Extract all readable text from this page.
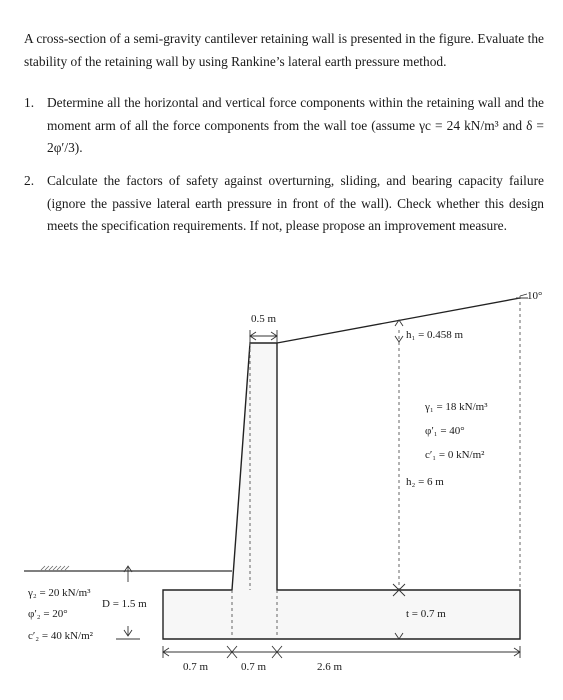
A cross-section of a semi-gravity cantilever retaining wall is presented in the figure. Evaluate the stability of the retaining wall by using Rankine’s lateral earth pressure method.

1. Determine all the horizontal and vertical force components within the retaining wall and the moment arm of all the force components from the wall toe (assume γc = 24 kN/m³ and δ = 2φ′/3).
2. Calculate the factors of safety against overturning, sliding, and bearing capacity failure (ignore the passive lateral earth pressure in front of the wall). Check whether this design meets the specification requirements. If not, please propose an improvement measure.
10°
0.5 m
h₁ = 0.458 m
γ₁ = 18 kN/m³
φ′₁ = 40°
c′₁ = 0 kN/m²
h₂ = 6 m
t = 0.7 m
D = 1.5 m
γ₂ = 20 kN/m³
φ′₂ = 20°
c′₂ = 40 kN/m²
0.7 m	0.7 m	2.6 m
